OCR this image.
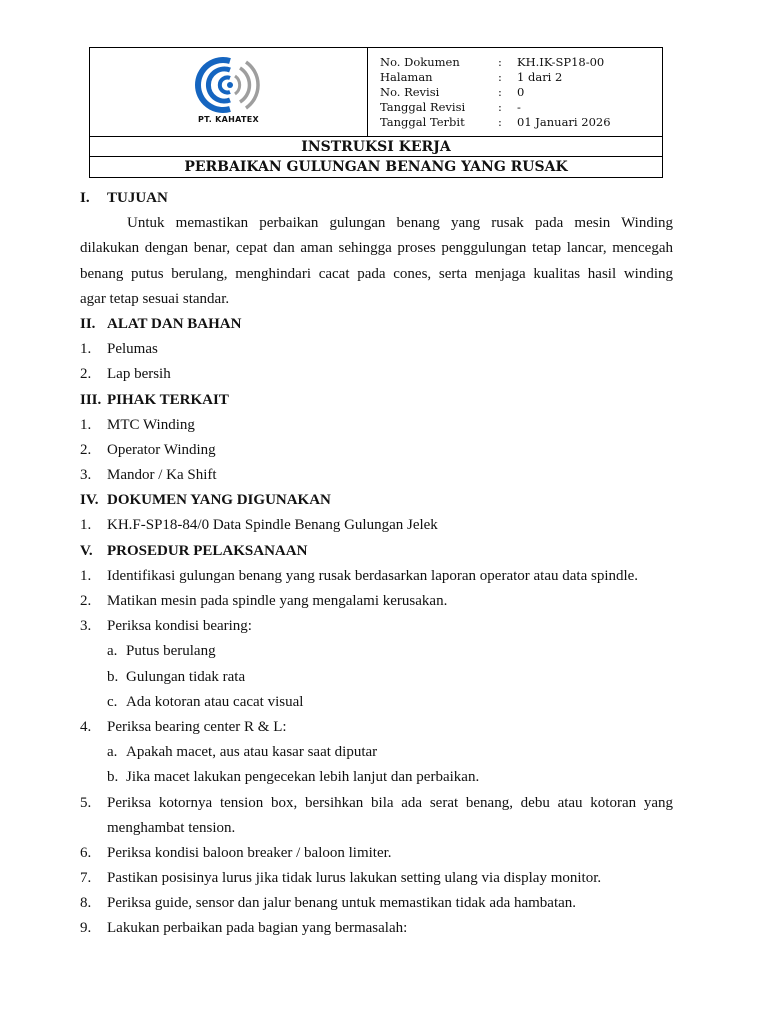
PT. KAHATEX
No. Dokumen	: KH.IK-SP18-00
Halaman	: 1 dari 2
No. Revisi	: 0
Tanggal Revisi	: -
Tanggal Terbit	: 01 Januari 2026
INSTRUKSI KERJA
PERBAIKAN GULUNGAN BENANG YANG RUSAK
I. TUJUAN
Untuk memastikan perbaikan gulungan benang yang rusak pada mesin Winding
dilakukan dengan benar, cepat dan aman sehingga proses penggulungan tetap lancar, mencegah
benang putus berulang, menghindari cacat pada cones, serta menjaga kualitas hasil winding
agar tetap sesuai standar.
II. ALAT DAN BAHAN
1. Pelumas
2. Lap bersih
III. PIHAK TERKAIT
1. MTC Winding
2. Operator Winding
3. Mandor / Ka Shift
IV. DOKUMEN YANG DIGUNAKAN
1. KH.F-SP18-84/0 Data Spindle Benang Gulungan Jelek
V. PROSEDUR PELAKSANAAN
1. Identifikasi gulungan benang yang rusak berdasarkan laporan operator atau data spindle.
2. Matikan mesin pada spindle yang mengalami kerusakan.
3. Periksa kondisi bearing:
a. Putus berulang
b. Gulungan tidak rata
c. Ada kotoran atau cacat visual
4. Periksa bearing center R & L:
a. Apakah macet, aus atau kasar saat diputar
b. Jika macet lakukan pengecekan lebih lanjut dan perbaikan.
5. Periksa kotornya tension box, bersihkan bila ada serat benang, debu atau kotoran yang
menghambat tension.
6. Periksa kondisi baloon breaker / baloon limiter.
7. Pastikan posisinya lurus jika tidak lurus lakukan setting ulang via display monitor.
8. Periksa guide, sensor dan jalur benang untuk memastikan tidak ada hambatan.
9. Lakukan perbaikan pada bagian yang bermasalah:
